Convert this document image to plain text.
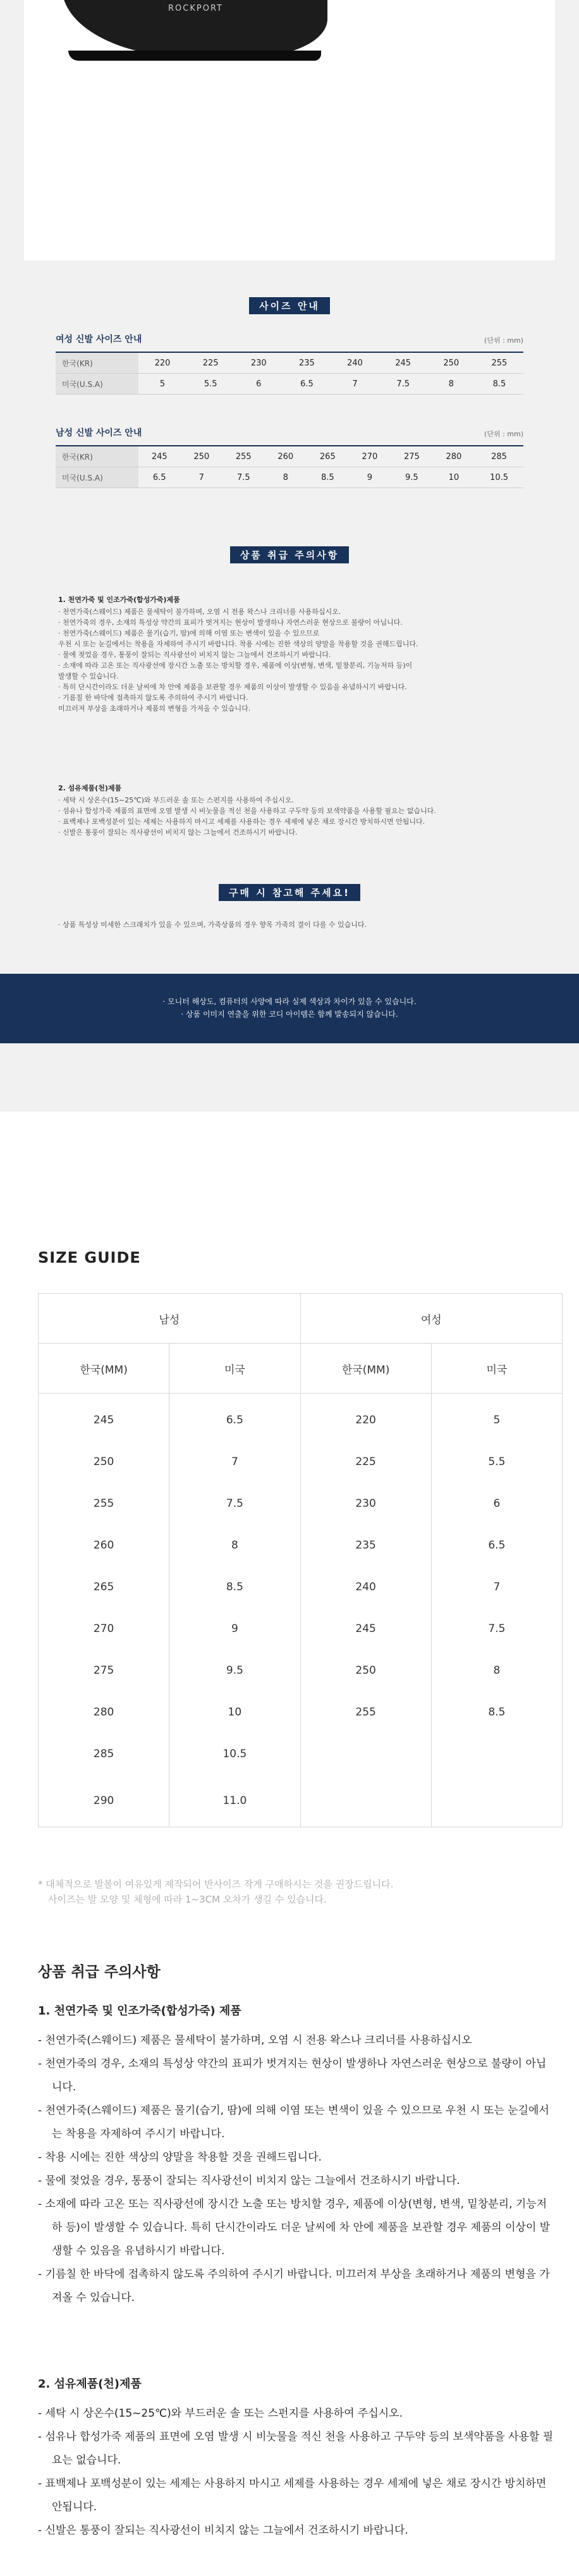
ROCKPORT
사이즈 안내
여성 신발 사이즈 안내	(단위 : mm)
한국(KR)	220	225	230	235	240	245	250	255
미국(U.S.A)	5	5.5	6	6.5	7	7.5	8	8.5
남성 신발 사이즈 안내	(단위 : mm)
한국(KR)	245	250	255	260	265	270	275	280	285
미국(U.S.A)	6.5	7	7.5	8	8.5	9	9.5	10	10.5
상품 취급 주의사항
1. 천연가죽 및 인조가죽(합성가죽)제품
· 천연가죽(스웨이드) 제품은 물세탁이 불가하며, 오염 시 전용 왁스나 크리너를 사용하십시오.
· 천연가죽의 경우, 소재의 특성상 약간의 표피가 벗겨지는 현상이 발생하나 자연스러운 현상으로 불량이 아닙니다.
· 천연가죽(스웨이드) 제품은 물기(습기, 땀)에 의해 이염 또는 변색이 있을 수 있으므로
우천 시 또는 눈길에서는 착용을 자제하여 주시기 바랍니다. 착용 시에는 진한 색상의 양말을 착용할 것을 권해드립니다.
· 물에 젖었을 경우, 통풍이 잘되는 직사광선이 비치지 않는 그늘에서 건조하시기 바랍니다.
· 소재에 따라 고온 또는 직사광선에 장시간 노출 또는 방치할 경우, 제품에 이상(변형, 변색, 밑창분리, 기능저하 등)이
발생할 수 있습니다.
· 특히 단시간이라도 더운 날씨에 차 안에 제품을 보관할 경우 제품의 이상이 발생할 수 있음을 유념하시기 바랍니다.
· 기름칠 한 바닥에 접촉하지 않도록 주의하여 주시기 바랍니다.
미끄러져 부상을 초래하거나 제품의 변형을 가져올 수 있습니다.
2. 섬유제품(천)제품
· 세탁 시 상온수(15~25℃)와 부드러운 솔 또는 스펀지를 사용하여 주십시오.
· 섬유나 합성가죽 제품의 표면에 오염 발생 시 비눗물을 적신 천을 사용하고 구두약 등의 보색약품을 사용할 필요는 없습니다.
· 표백제나 포백성분이 있는 세제는 사용하지 마시고 세제를 사용하는 경우 세제에 넣은 채로 장시간 방치하시면 안됩니다.
· 신발은 통풍이 잘되는 직사광선이 비치지 않는 그늘에서 건조하시기 바랍니다.
구매 시 참고해 주세요!
· 상품 특성상 미세한 스크래치가 있을 수 있으며, 가죽상품의 경우 향목 가죽의 결이 다를 수 있습니다.
· 모니터 해상도, 컴퓨터의 사양에 따라 실제 색상과 차이가 있을 수 있습니다.
· 상품 이미지 연출을 위한 코디 아이템은 함께 발송되지 않습니다.
SIZE GUIDE
남성		여성	
한국(MM)	미국	한국(MM)	미국
245	6.5	220	5
250	7	225	5.5
255	7.5	230	6
260	8	235	6.5
265	8.5	240	7
270	9	245	7.5
275	9.5	250	8
280	10	255	8.5
285	10.5		
290	11.0		
* 대체적으로 발볼이 여유있게 제작되어 반사이즈 작게 구매하시는 것을 권장드립니다.
사이즈는 발 모양 및 체형에 따라 1~3CM 오차가 생길 수 있습니다.
상품 취급 주의사항
1. 천연가죽 및 인조가죽(합성가죽) 제품
- 천연가죽(스웨이드) 제품은 물세탁이 불가하며, 오염 시 전용 왁스나 크리너를 사용하십시오
- 천연가죽의 경우, 소재의 특성상 약간의 표피가 벗겨지는 현상이 발생하나 자연스러운 현상으로 불량이 아닙니다.
- 천연가죽(스웨이드) 제품은 물기(습기, 땀)에 의해 이염 또는 변색이 있을 수 있으므로 우천 시 또는 눈길에서는 착용을 자제하여 주시기 바랍니다.
- 착용 시에는 진한 색상의 양말을 착용할 것을 권해드립니다.
- 물에 젖었을 경우, 통풍이 잘되는 직사광선이 비치지 않는 그늘에서 건조하시기 바랍니다.
- 소재에 따라 고온 또는 직사광선에 장시간 노출 또는 방치할 경우, 제품에 이상(변형, 변색, 밑창분리, 기능저하 등)이 발생할 수 있습니다. 특히 단시간이라도 더운 날씨에 차 안에 제품을 보관할 경우 제품의 이상이 발생할 수 있음을 유념하시기 바랍니다.
- 기름칠 한 바닥에 접촉하지 않도록 주의하여 주시기 바랍니다. 미끄러져 부상을 초래하거나 제품의 변형을 가져올 수 있습니다.
2. 섬유제품(천)제품
- 세탁 시 상온수(15~25℃)와 부드러운 솔 또는 스펀지를 사용하여 주십시오.
- 섬유나 합성가죽 제품의 표면에 오염 발생 시 비눗물을 적신 천을 사용하고 구두약 등의 보색약품을 사용할 필요는 없습니다.
- 표백제나 포백성분이 있는 세제는 사용하지 마시고 세제를 사용하는 경우 세제에 넣은 채로 장시간 방치하면 안됩니다.
- 신발은 통풍이 잘되는 직사광선이 비치지 않는 그늘에서 건조하시기 바랍니다.
